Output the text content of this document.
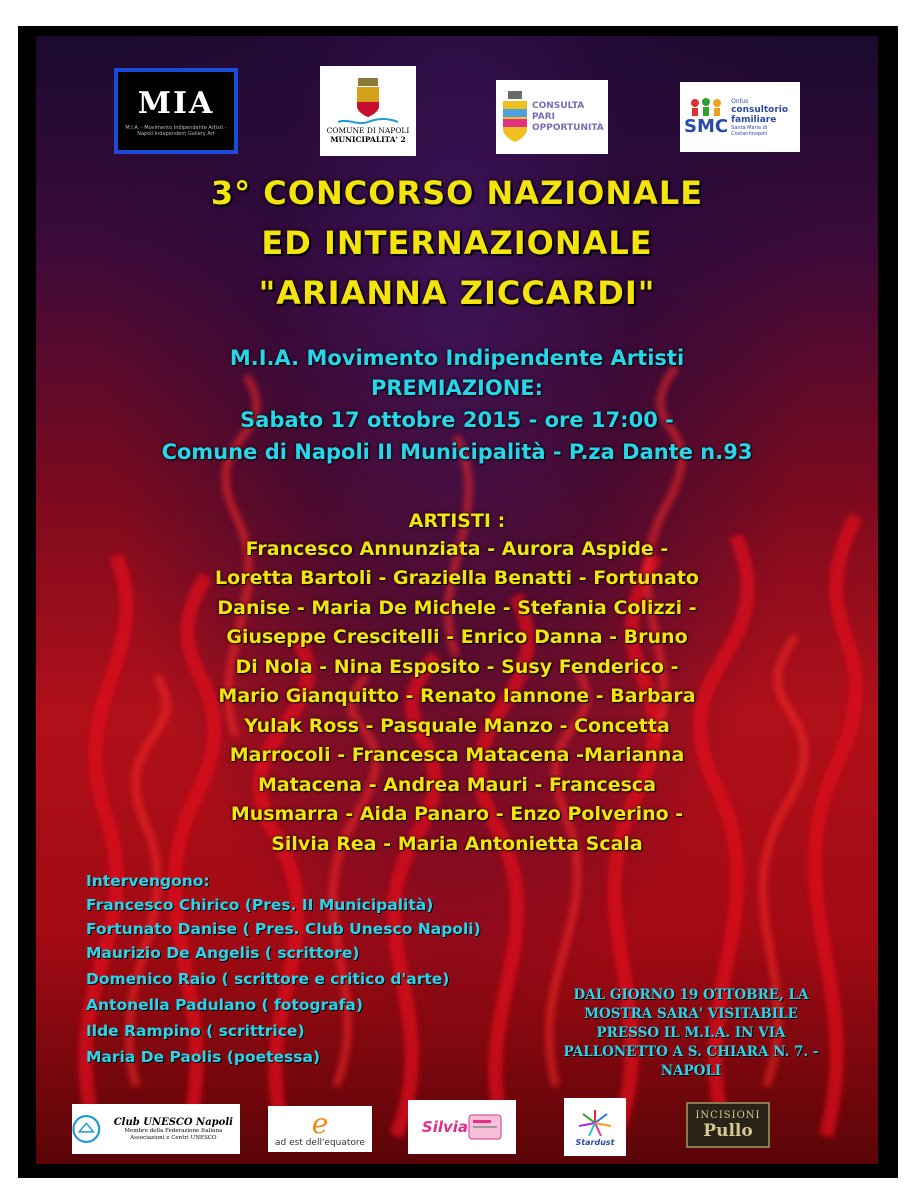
MIA
M.I.A. - Movimento Indipendente Artisti - Napoli Independent Gallery Art	COMUNE DI NAPOLI
MUNICIPALITA' 2
CONSULTA
PARI
OPPORTUNITÀ	SMC
Onlus
consultorio familiare
Santa Maria di Costantinopoli
3° CONCORSO NAZIONALE
ED INTERNAZIONALE
"ARIANNA ZICCARDI"
M.I.A. Movimento Indipendente Artisti
PREMIAZIONE:
Sabato 17 ottobre 2015 - ore 17:00 -
Comune di Napoli II Municipalità - P.za Dante n.93
ARTISTI :
Francesco Annunziata - Aurora Aspide -
Loretta Bartoli - Graziella Benatti - Fortunato
Danise - Maria De Michele - Stefania Colizzi -
Giuseppe Crescitelli - Enrico Danna - Bruno
Di Nola - Nina Esposito - Susy Fenderico -
Mario Gianquitto - Renato Iannone - Barbara
Yulak Ross - Pasquale Manzo - Concetta
Marrocoli - Francesca Matacena -Marianna
Matacena - Andrea Mauri - Francesca
Musmarra - Aida Panaro - Enzo Polverino -
Silvia Rea - Maria Antonietta Scala
Intervengono:
Francesco Chirico (Pres. II Municipalità)
Fortunato Danise ( Pres. Club Unesco Napoli)
Maurizio De Angelis ( scrittore)
Domenico Raio ( scrittore e critico d'arte)
Antonella Padulano ( fotografa)
Ilde Rampino ( scrittrice)
Maria De Paolis (poetessa)
DAL GIORNO 19 OTTOBRE, LA
MOSTRA SARA' VISITABILE
PRESSO IL M.I.A. IN VIA
PALLONETTO A S. CHIARA N. 7. -
NAPOLI
Club UNESCO Napoli
Membro della Federazione Italiana Associazioni e Centri UNESCO	e
ad est dell'equatore
Silvia
Stardust
INCISIONI
Pullo
